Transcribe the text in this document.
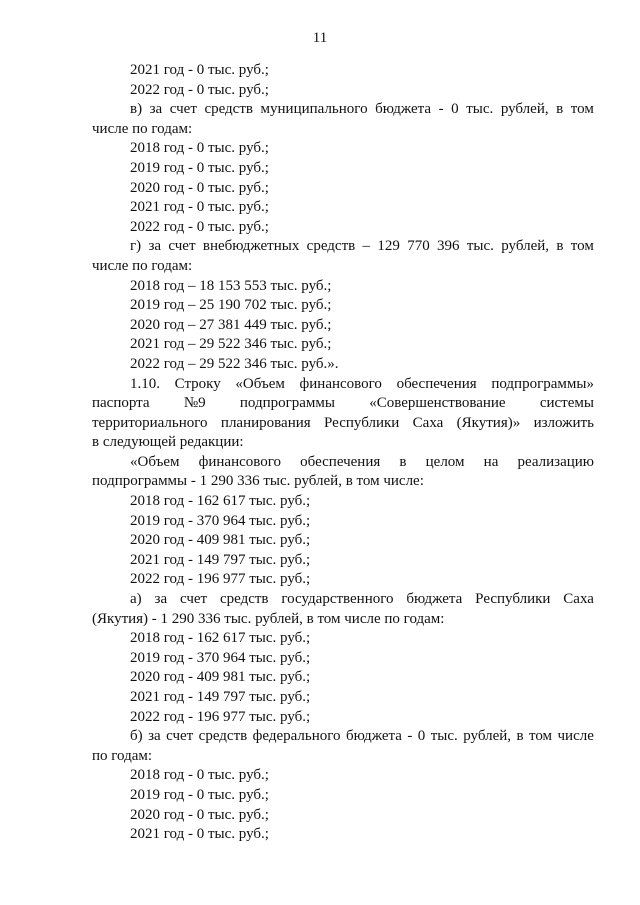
11
2021 год - 0 тыс. руб.;
2022 год - 0 тыс. руб.;
в) за счет средств муниципального бюджета - 0 тыс. рублей, в том
числе по годам:
2018 год - 0 тыс. руб.;
2019 год - 0 тыс. руб.;
2020 год - 0 тыс. руб.;
2021 год - 0 тыс. руб.;
2022 год - 0 тыс. руб.;
г) за счет внебюджетных средств – 129 770 396 тыс. рублей, в том
числе по годам:
2018 год – 18 153 553 тыс. руб.;
2019 год – 25 190 702 тыс. руб.;
2020 год – 27 381 449 тыс. руб.;
2021 год – 29 522 346 тыс. руб.;
2022 год – 29 522 346 тыс. руб.».
1.10. Строку «Объем финансового обеспечения подпрограммы»
паспорта №9 подпрограммы «Совершенствование системы
территориального планирования Республики Саха (Якутия)» изложить
в следующей редакции:
«Объем финансового обеспечения в целом на реализацию
подпрограммы - 1 290 336 тыс. рублей, в том числе:
2018 год - 162 617 тыс. руб.;
2019 год - 370 964 тыс. руб.;
2020 год - 409 981 тыс. руб.;
2021 год - 149 797 тыс. руб.;
2022 год - 196 977 тыс. руб.;
а) за счет средств государственного бюджета Республики Саха
(Якутия) - 1 290 336 тыс. рублей, в том числе по годам:
2018 год - 162 617 тыс. руб.;
2019 год - 370 964 тыс. руб.;
2020 год - 409 981 тыс. руб.;
2021 год - 149 797 тыс. руб.;
2022 год - 196 977 тыс. руб.;
б) за счет средств федерального бюджета - 0 тыс. рублей, в том числе
по годам:
2018 год - 0 тыс. руб.;
2019 год - 0 тыс. руб.;
2020 год - 0 тыс. руб.;
2021 год - 0 тыс. руб.;
